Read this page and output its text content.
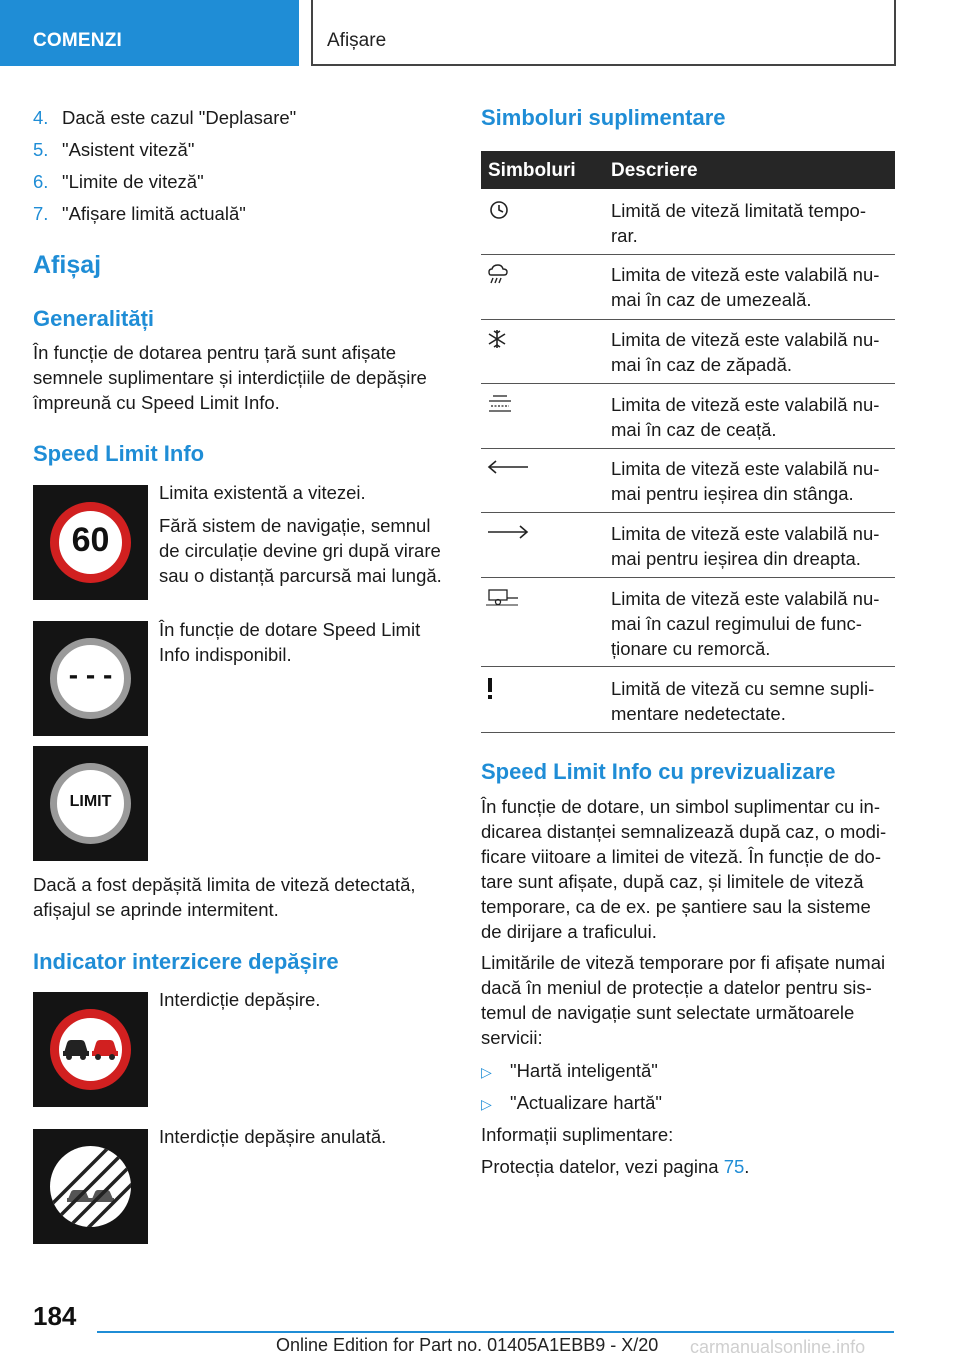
COMENZI	Afișare
4. Dacă este cazul "Deplasare"
5. "Asistent viteză"
6. "Limite de viteză"
7. "Afișare limită actuală"
Afișaj
Generalități
În funcție de dotarea pentru țară sunt afișate
semnele suplimentare și interdicțiile de depășire
împreună cu Speed Limit Info.
Speed Limit Info
60
Limita existentă a vitezei.
Fără sistem de navigație, semnul
de circulație devine gri după virare
sau o distanță parcursă mai lungă.
- - -
În funcție de dotare Speed Limit
Info indisponibil.
LIMIT
Dacă a fost depășită limita de viteză detectată,
afișajul se aprinde intermitent.
Indicator interzicere depășire
Interdicție depășire.
Interdicție depășire anulată.
Simboluri suplimentare
Simboluri Descriere
Limită de viteză limitată tempo-
rar.
Limita de viteză este valabilă nu-
mai în caz de umezeală.
Limita de viteză este valabilă nu-
mai în caz de zăpadă.
Limita de viteză este valabilă nu-
mai în caz de ceață.
Limita de viteză este valabilă nu-
mai pentru ieșirea din stânga.
Limita de viteză este valabilă nu-
mai pentru ieșirea din dreapta.
Limita de viteză este valabilă nu-
mai în cazul regimului de func-
ționare cu remorcă.
Limită de viteză cu semne supli-
mentare nedetectate.
Speed Limit Info cu previzualizare
În funcție de dotare, un simbol suplimentar cu in-
dicarea distanței semnalizează după caz, o modi-
ficare viitoare a limitei de viteză. În funcție de do-
tare sunt afișate, după caz, și limitele de viteză
temporare, ca de ex. pe șantiere sau la sisteme
de dirijare a traficului.
Limitările de viteză temporare por fi afișate numai
dacă în meniul de protecție a datelor pentru sis-
temul de navigație sunt selectate următoarele
servicii:
▷ "Hartă inteligentă"
▷ "Actualizare hartă"
Informații suplimentare:
Protecția datelor, vezi pagina 75.
184
Online Edition for Part no. 01405A1EBB9 - X/20 carmanualsonline.info
